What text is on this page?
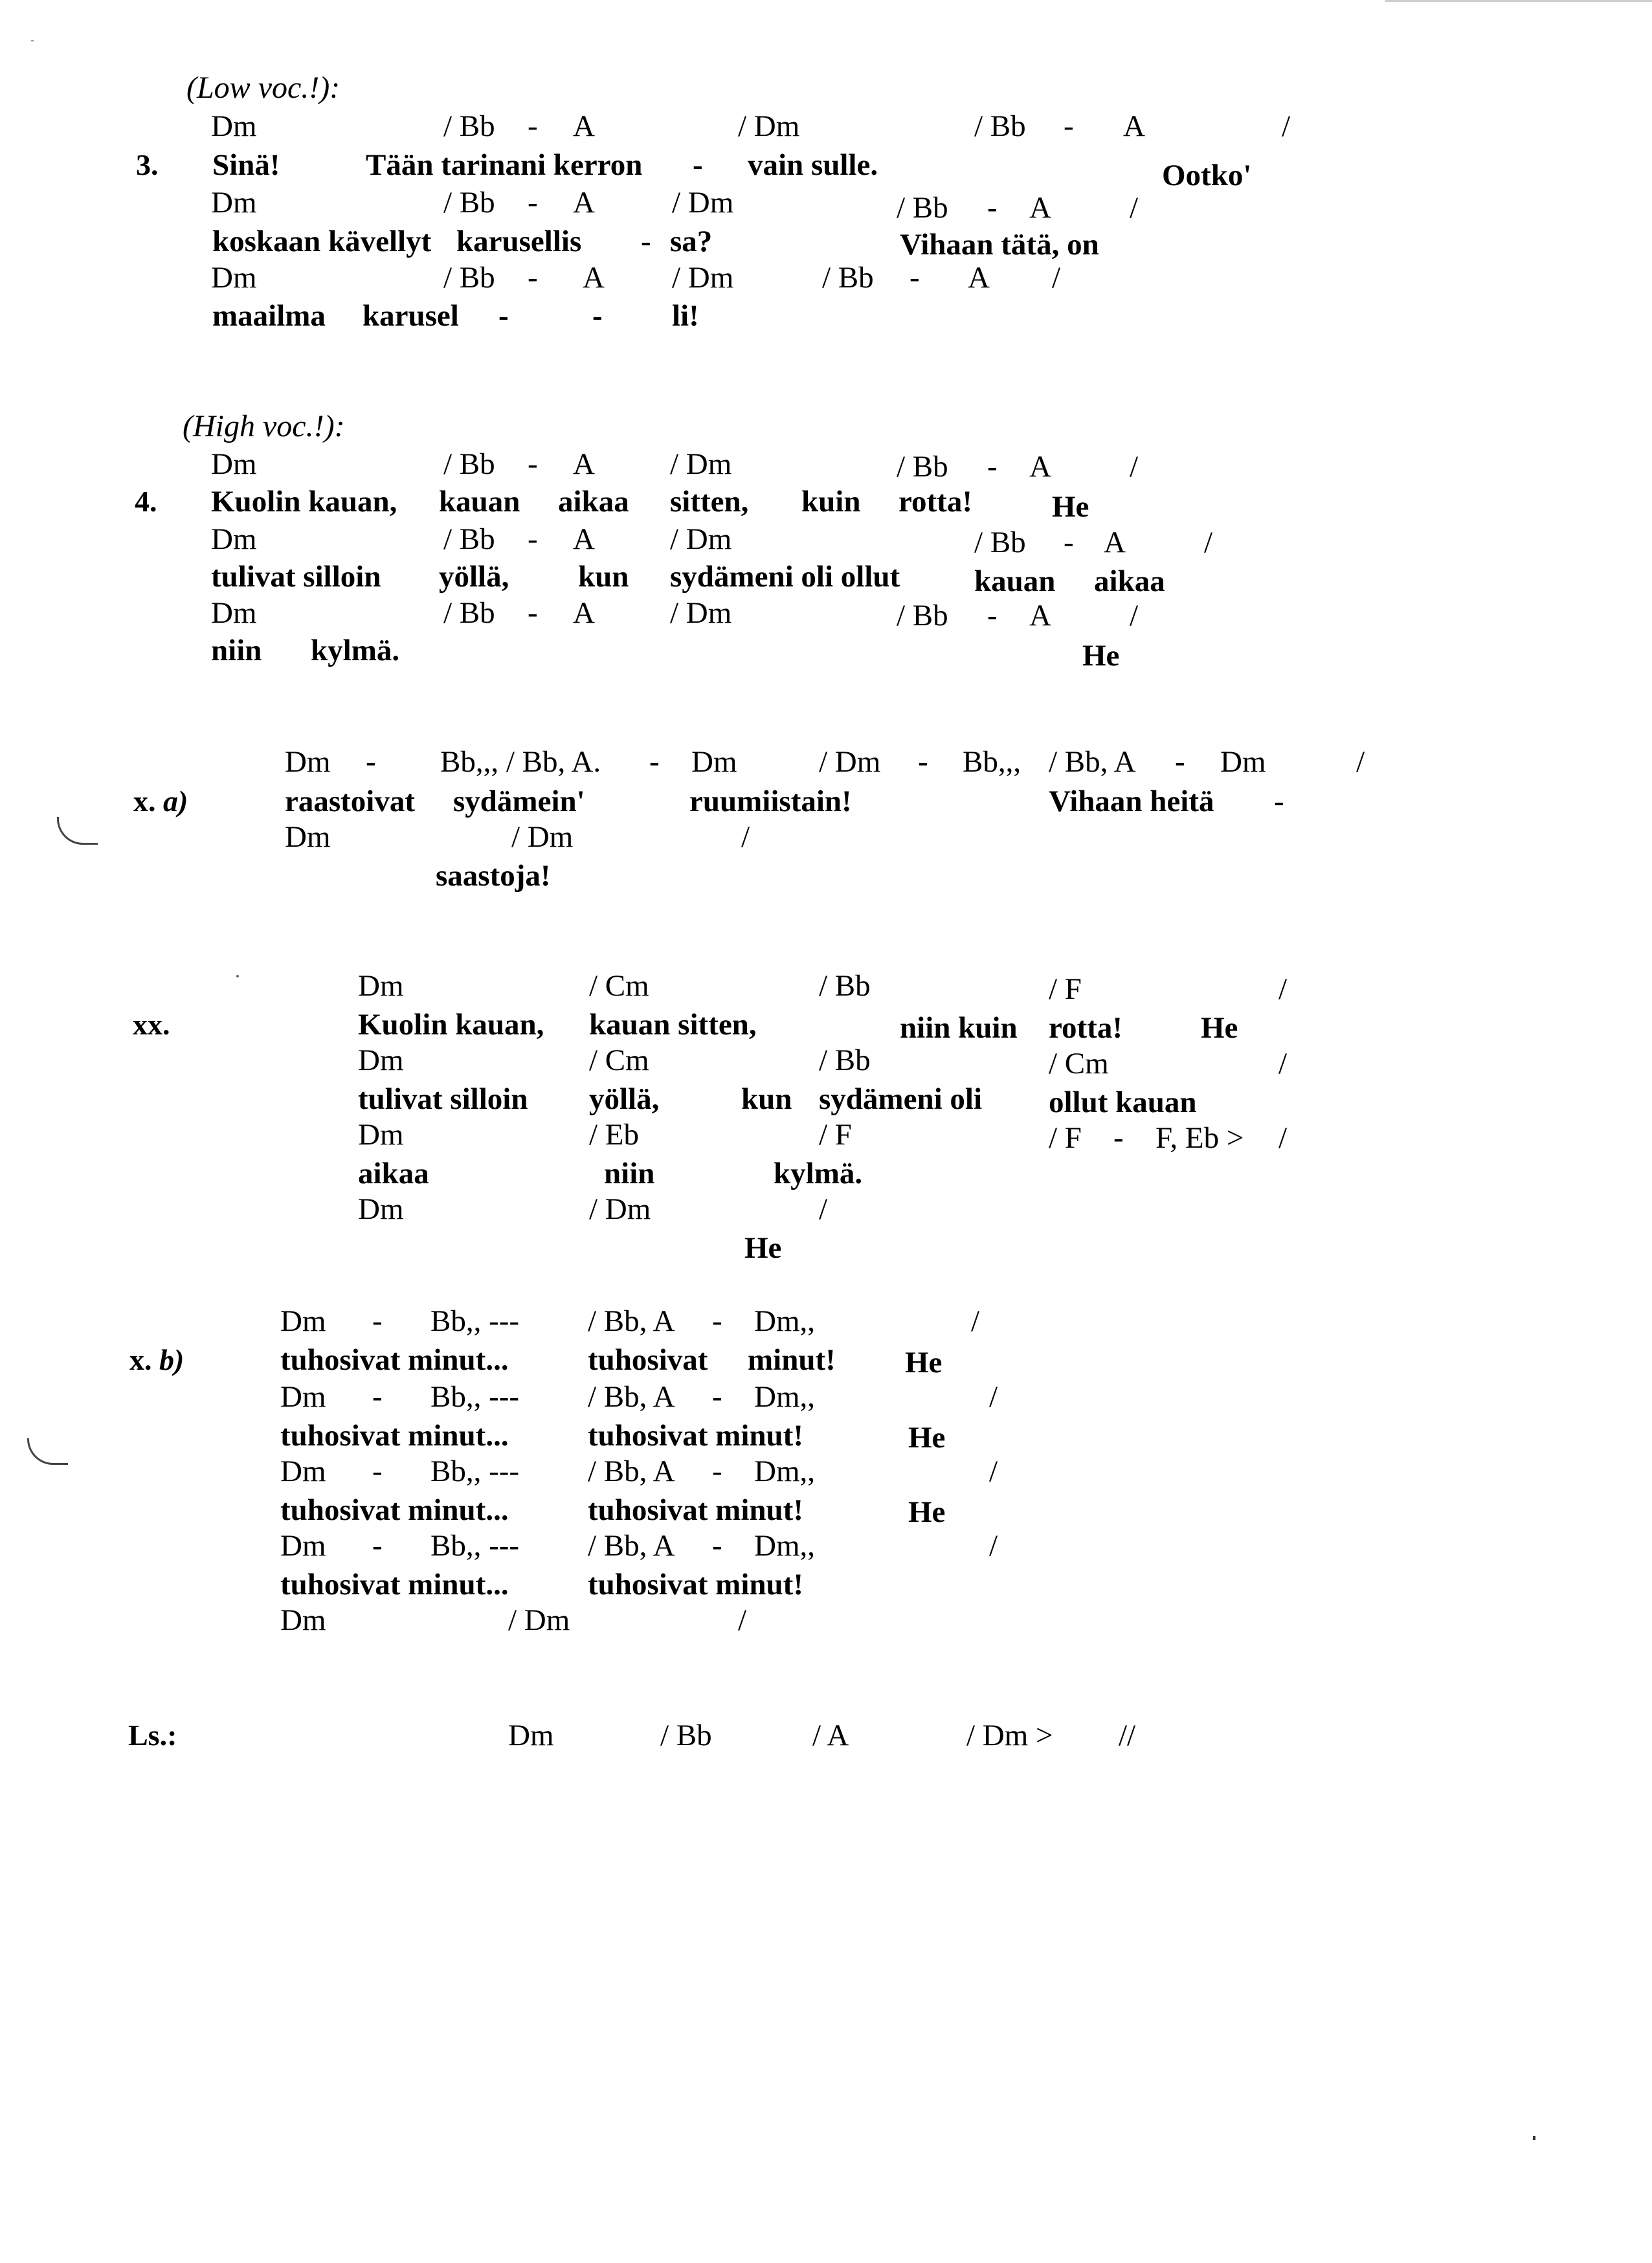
(Low voc.!):
Dm	/ Bb - A	/ Dm	/ Bb - A	/
3. Sinä!	Tään tarinani kerron - vain sulle.	Ootko'
Dm	/ Bb - A	/ Dm	/ Bb - A	/
koskaan kävellyt karusellis - sa?	Vihaan tätä, on
Dm	/ Bb - A / Dm	/ Bb - A /
maailma karusel -	- li!
(High voc.!):
Dm	/ Bb - A / Dm	/ Bb - A	/
4. Kuolin kauan, kauan aikaa sitten, kuin rotta!	He
Dm	/ Bb - A / Dm	/ Bb - A	/
tulivat silloin yöllä, kun sydämeni oli ollut kauan aikaa
Dm	/ Bb - A / Dm	/ Bb - A	/
niin kylmä.	He
Dm - Bb,,, / Bb, A. - Dm	/ Dm - Bb,,, / Bb, A - Dm	/
x. a)	raastoivat sydämein'	ruumiistain!	Vihaan heitä -
Dm	/ Dm	/
saastoja!
Dm	/ Cm	/ Bb	/ F	/
xx.	Kuolin kauan, kauan sitten,	niin kuin rotta!	He
Dm	/ Cm	/ Bb	/ Cm	/
tulivat silloin yöllä,	kun sydämeni oli ollut kauan
Dm	/ Eb	/ F	/ F - F, Eb > /
aikaa	niin	kylmä.
Dm	/ Dm	/
He
Dm - Bb,, --- / Bb, A - Dm,,	/
x. b)	tuhosivat minut...	tuhosivat minut! He
Dm - Bb,, --- / Bb, A - Dm,,	/
tuhosivat minut...	tuhosivat minut!	He
Dm - Bb,, --- / Bb, A - Dm,,	/
tuhosivat minut...	tuhosivat minut!	He
Dm - Bb,, --- / Bb, A - Dm,,	/
tuhosivat minut...	tuhosivat minut!
Dm	/ Dm	/
Ls.:	Dm	/ Bb	/ A	/ Dm > //
